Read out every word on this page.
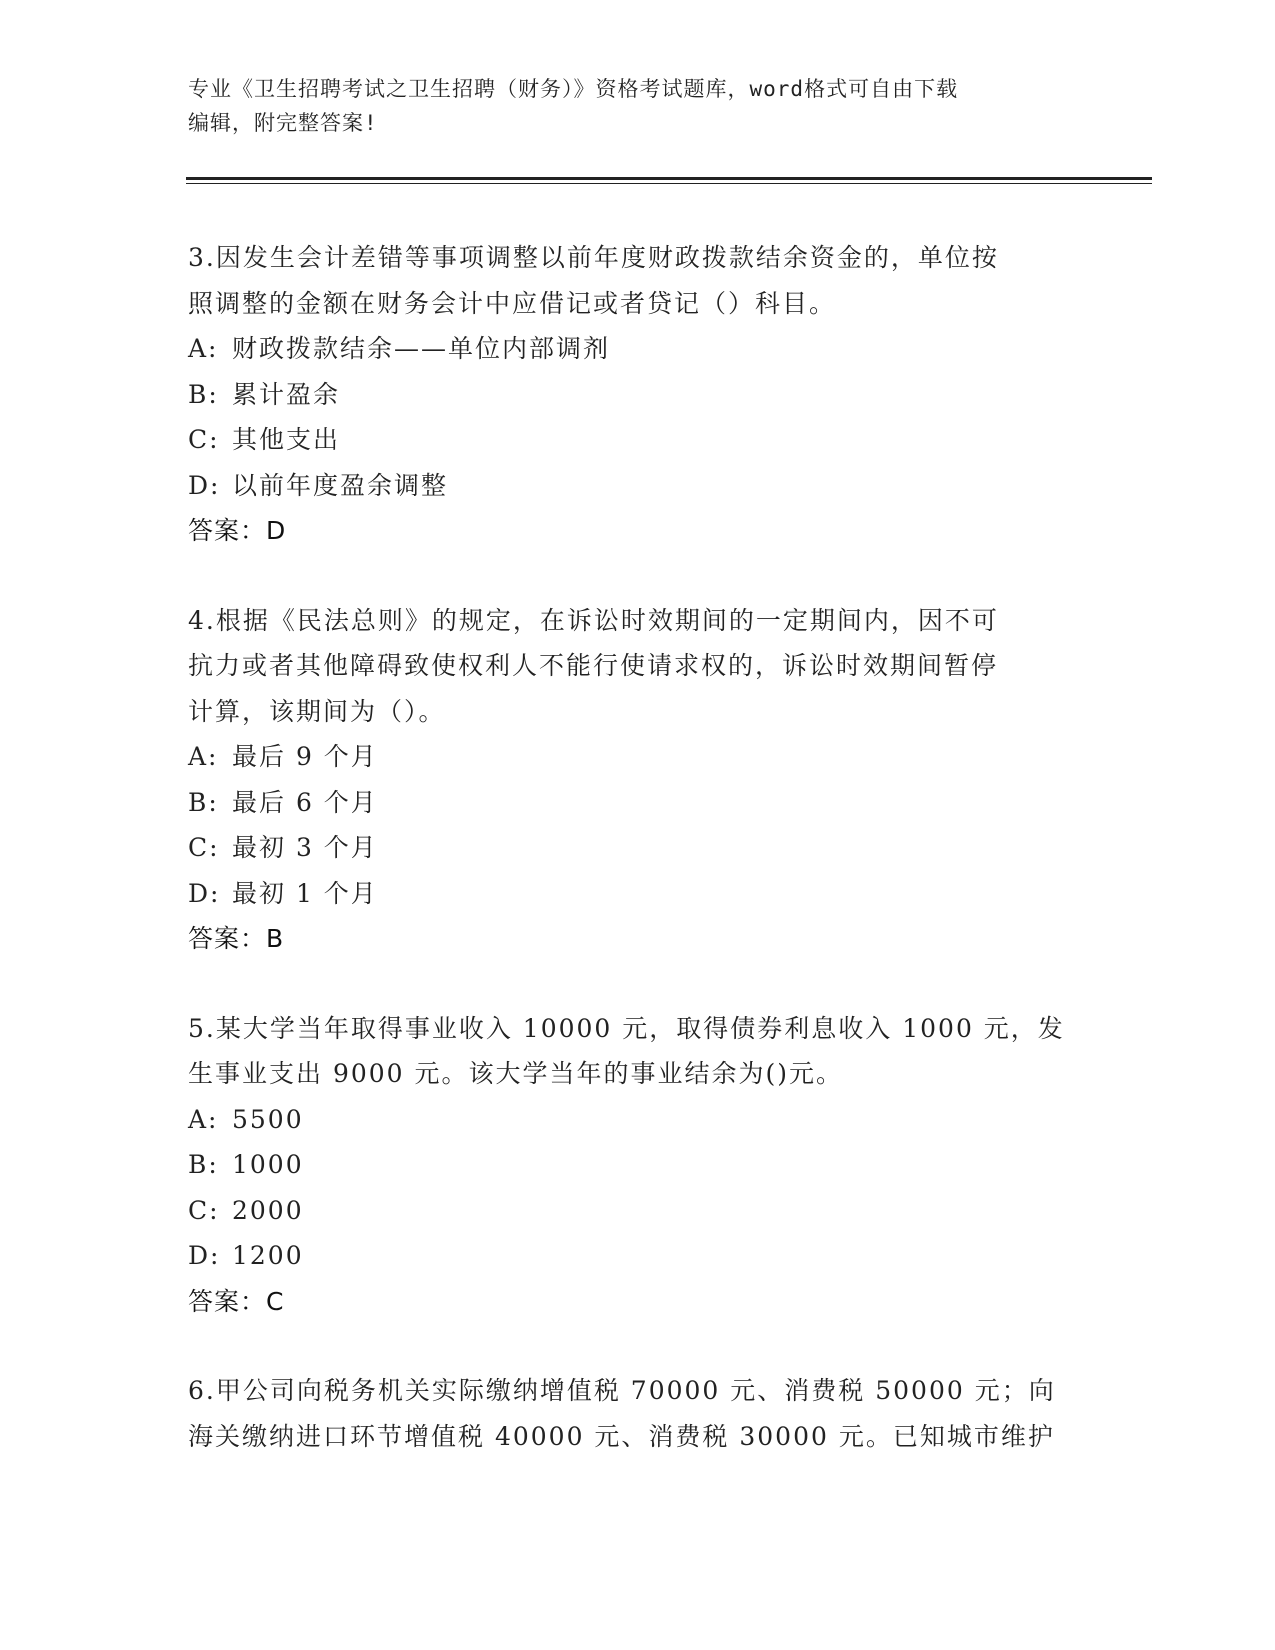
专业《卫生招聘考试之卫生招聘（财务）》资格考试题库，word格式可自由下载
编辑，附完整答案!
3.因发生会计差错等事项调整以前年度财政拨款结余资金的，单位按
照调整的金额在财务会计中应借记或者贷记（）科目。
A: 财政拨款结余——单位内部调剂
B: 累计盈余
C: 其他支出
D: 以前年度盈余调整
答案：D
4.根据《民法总则》的规定，在诉讼时效期间的一定期间内，因不可
抗力或者其他障碍致使权利人不能行使请求权的，诉讼时效期间暂停
计算，该期间为（）。
A: 最后 9 个月
B: 最后 6 个月
C: 最初 3 个月
D: 最初 1 个月
答案：B
5.某大学当年取得事业收入 10000 元，取得债券利息收入 1000 元，发
生事业支出 9000 元。该大学当年的事业结余为()元。
A: 5500
B: 1000
C: 2000
D: 1200
答案：C
6.甲公司向税务机关实际缴纳增值税 70000 元、消费税 50000 元；向
海关缴纳进口环节增值税 40000 元、消费税 30000 元。已知城市维护
